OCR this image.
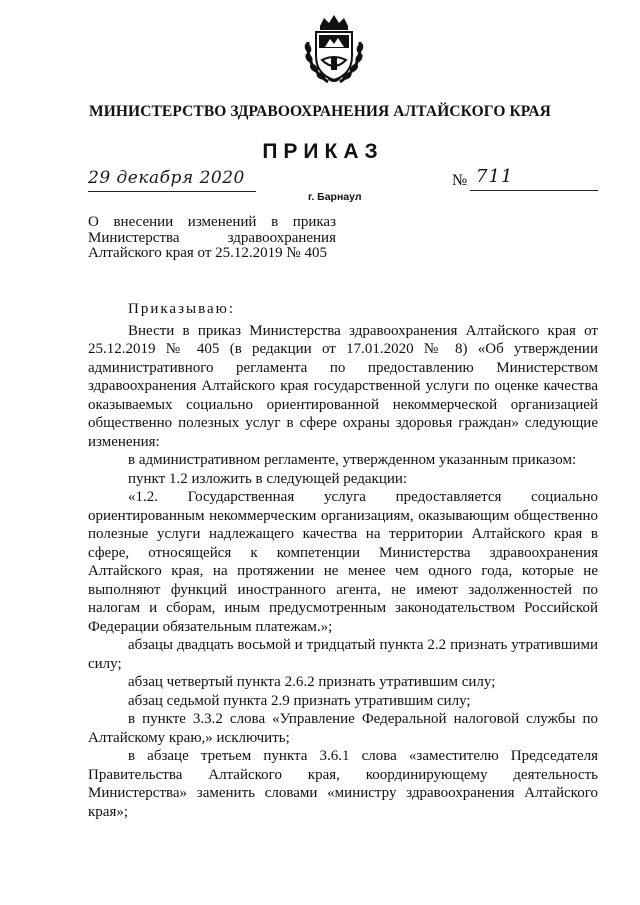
МИНИСТЕРСТВО ЗДРАВООХРАНЕНИЯ АЛТАЙСКОГО КРАЯ
ПРИКАЗ
29 декабря 2020
г. Барнаул
№ 711
О внесении изменений в приказ
Министерства здравоохранения
Алтайского края от 25.12.2019 № 405

Приказываю:

Внести в приказ Министерства здравоохранения Алтайского края от 25.12.2019 № 405 (в редакции от 17.01.2020 № 8) «Об утверждении административного регламента по предоставлению Министерством здравоохранения Алтайского края государственной услуги по оценке качества оказываемых социально ориентированной некоммерческой организацией общественно полезных услуг в сфере охраны здоровья граждан» следующие изменения:

в административном регламенте, утвержденном указанным приказом:

пункт 1.2 изложить в следующей редакции:

«1.2. Государственная услуга предоставляется социально ориентированным некоммерческим организациям, оказывающим общественно полезные услуги надлежащего качества на территории Алтайского края в сфере, относящейся к компетенции Министерства здравоохранения Алтайского края, на протяжении не менее чем одного года, которые не выполняют функций иностранного агента, не имеют задолженностей по налогам и сборам, иным предусмотренным законодательством Российской Федерации обязательным платежам.»;

абзацы двадцать восьмой и тридцатый пункта 2.2 признать утратившими силу;

абзац четвертый пункта 2.6.2 признать утратившим силу;

абзац седьмой пункта 2.9 признать утратившим силу;

в пункте 3.3.2 слова «Управление Федеральной налоговой службы по Алтайскому краю,» исключить;

в абзаце третьем пункта 3.6.1 слова «заместителю Председателя Правительства Алтайского края, координирующему деятельность Министерства» заменить словами «министру здравоохранения Алтайского края»;
